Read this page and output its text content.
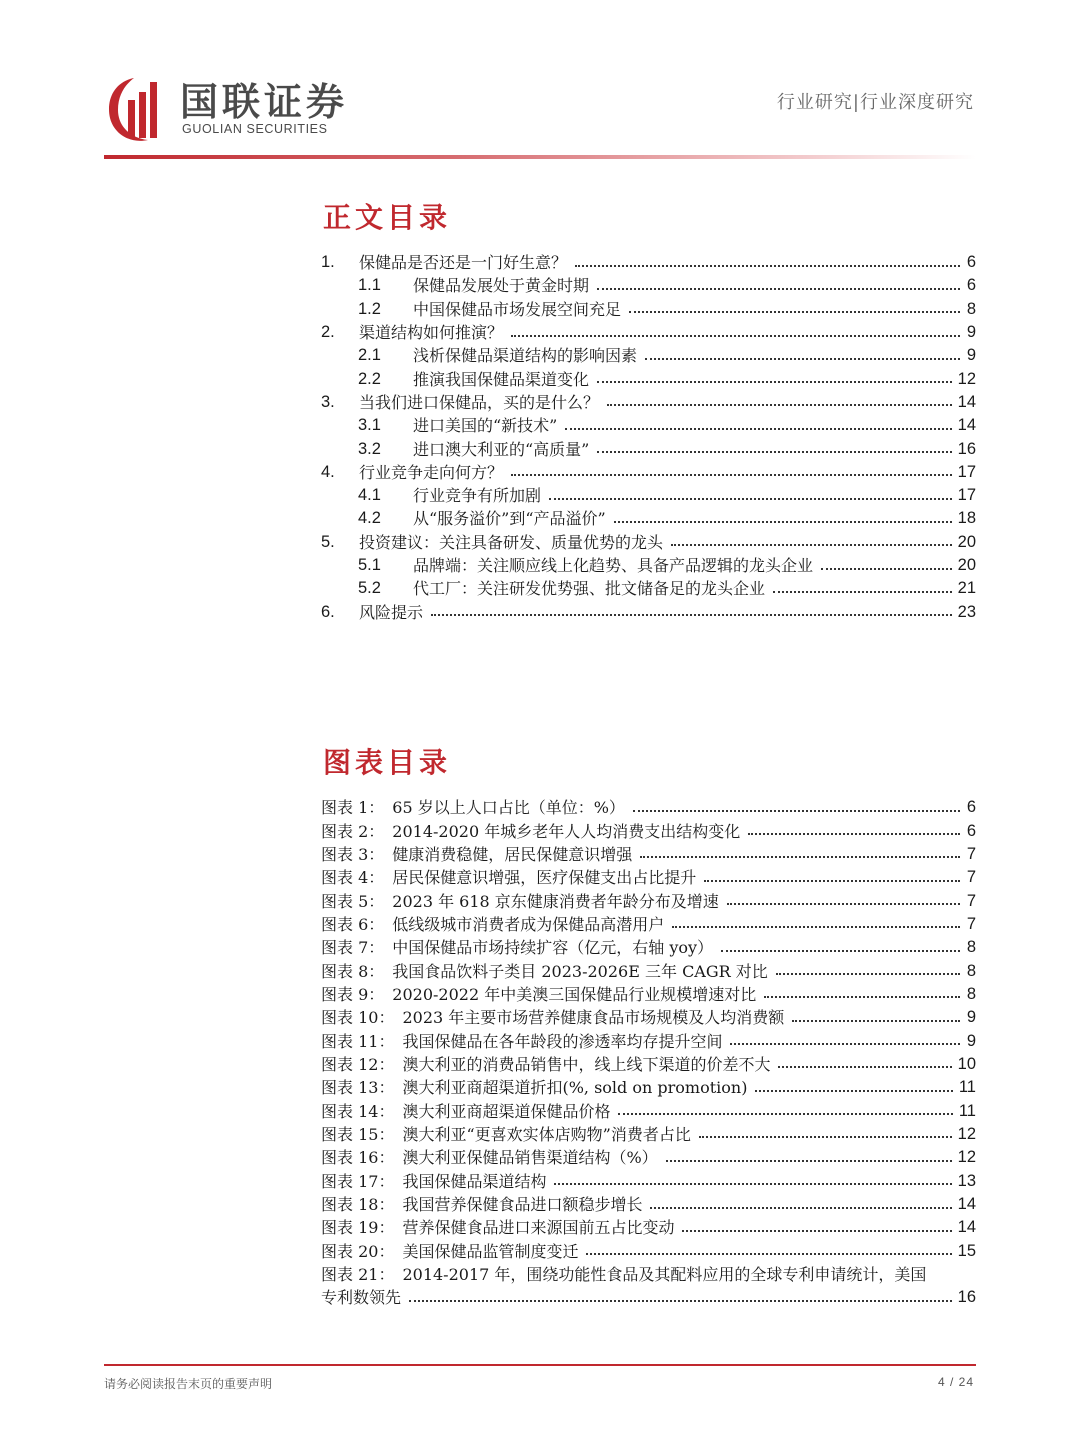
国联证券
GUOLIAN SECURITIES
行业研究|行业深度研究
正文目录
1.	保健品是否还是一门好生意？	6
1.1	保健品发展处于黄金时期	6
1.2	中国保健品市场发展空间充足	8
2.	渠道结构如何推演？	9
2.1	浅析保健品渠道结构的影响因素	9
2.2	推演我国保健品渠道变化	12
3.	当我们进口保健品，买的是什么？	14
3.1	进口美国的“新技术”	14
3.2	进口澳大利亚的“高质量”	16
4.	行业竞争走向何方？	17
4.1	行业竞争有所加剧	17
4.2	从“服务溢价”到“产品溢价”	18
5.	投资建议：关注具备研发、质量优势的龙头	20
5.1	品牌端：关注顺应线上化趋势、具备产品逻辑的龙头企业	20
5.2	代工厂：关注研发优势强、批文储备足的龙头企业	21
6.	风险提示	23
图表目录
图表 1： 65 岁以上人口占比（单位：%）	6
图表 2： 2014-2020 年城乡老年人人均消费支出结构变化	6
图表 3： 健康消费稳健，居民保健意识增强	7
图表 4： 居民保健意识增强，医疗保健支出占比提升	7
图表 5： 2023 年 618 京东健康消费者年龄分布及增速	7
图表 6： 低线级城市消费者成为保健品高潜用户	7
图表 7： 中国保健品市场持续扩容（亿元，右轴 yoy）	8
图表 8： 我国食品饮料子类目 2023-2026E 三年 CAGR 对比	8
图表 9： 2020-2022 年中美澳三国保健品行业规模增速对比	8
图表 10： 2023 年主要市场营养健康食品市场规模及人均消费额	9
图表 11： 我国保健品在各年龄段的渗透率均存提升空间	9
图表 12： 澳大利亚的消费品销售中，线上线下渠道的价差不大	10
图表 13： 澳大利亚商超渠道折扣(%, sold on promotion)	11
图表 14： 澳大利亚商超渠道保健品价格	11
图表 15： 澳大利亚“更喜欢实体店购物”消费者占比	12
图表 16： 澳大利亚保健品销售渠道结构（%）	12
图表 17： 我国保健品渠道结构	13
图表 18： 我国营养保健食品进口额稳步增长	14
图表 19： 营养保健食品进口来源国前五占比变动	14
图表 20： 美国保健品监管制度变迁	15
图表 21： 2014-2017 年，围绕功能性食品及其配料应用的全球专利申请统计，美国
专利数领先	16
请务必阅读报告末页的重要声明	4 / 24
